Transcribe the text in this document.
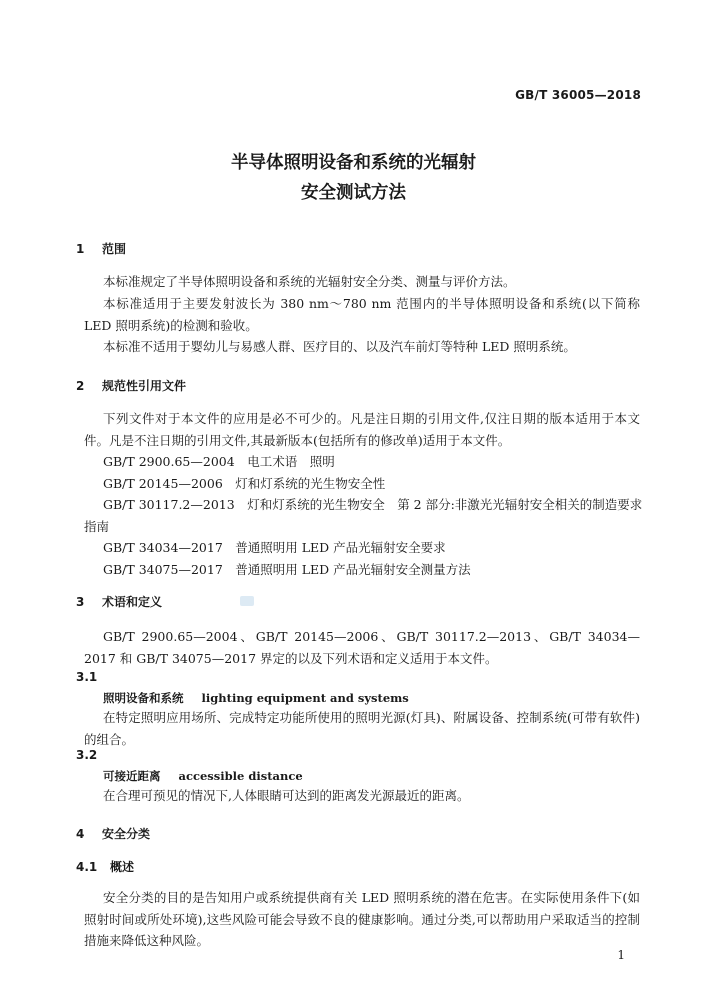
GB/T 36005—2018
半导体照明设备和系统的光辐射
安全测试方法
1 范围

本标准规定了半导体照明设备和系统的光辐射安全分类、测量与评价方法。

本标准适用于主要发射波长为 380 nm～780 nm 范围内的半导体照明设备和系统(以下简称 LED 照明系统)的检测和验收。

本标准不适用于婴幼儿与易感人群、医疗目的、以及汽车前灯等特种 LED 照明系统。

2 规范性引用文件

下列文件对于本文件的应用是必不可少的。凡是注日期的引用文件,仅注日期的版本适用于本文件。凡是不注日期的引用文件,其最新版本(包括所有的修改单)适用于本文件。

GB/T 2900.65—2004　电工术语　照明

GB/T 20145—2006　灯和灯系统的光生物安全性

GB/T 30117.2—2013　灯和灯系统的光生物安全　第 2 部分:非激光光辐射安全相关的制造要求

指南

GB/T 34034—2017　普通照明用 LED 产品光辐射安全要求

GB/T 34075—2017　普通照明用 LED 产品光辐射安全测量方法

3 术语和定义

GB/T 2900.65—2004、GB/T 20145—2006、GB/T 30117.2—2013、GB/T 34034—2017 和 GB/T 34075—2017 界定的以及下列术语和定义适用于本文件。

3.1
照明设备和系统 lighting equipment and systems

在特定照明应用场所、完成特定功能所使用的照明光源(灯具)、附属设备、控制系统(可带有软件)的组合。

3.2
可接近距离 accessible distance

在合理可预见的情况下,人体眼睛可达到的距离发光源最近的距离。

4 安全分类
4.1 概述

安全分类的目的是告知用户或系统提供商有关 LED 照明系统的潜在危害。在实际使用条件下(如照射时间或所处环境),这些风险可能会导致不良的健康影响。通过分类,可以帮助用户采取适当的控制措施来降低这种风险。

1
